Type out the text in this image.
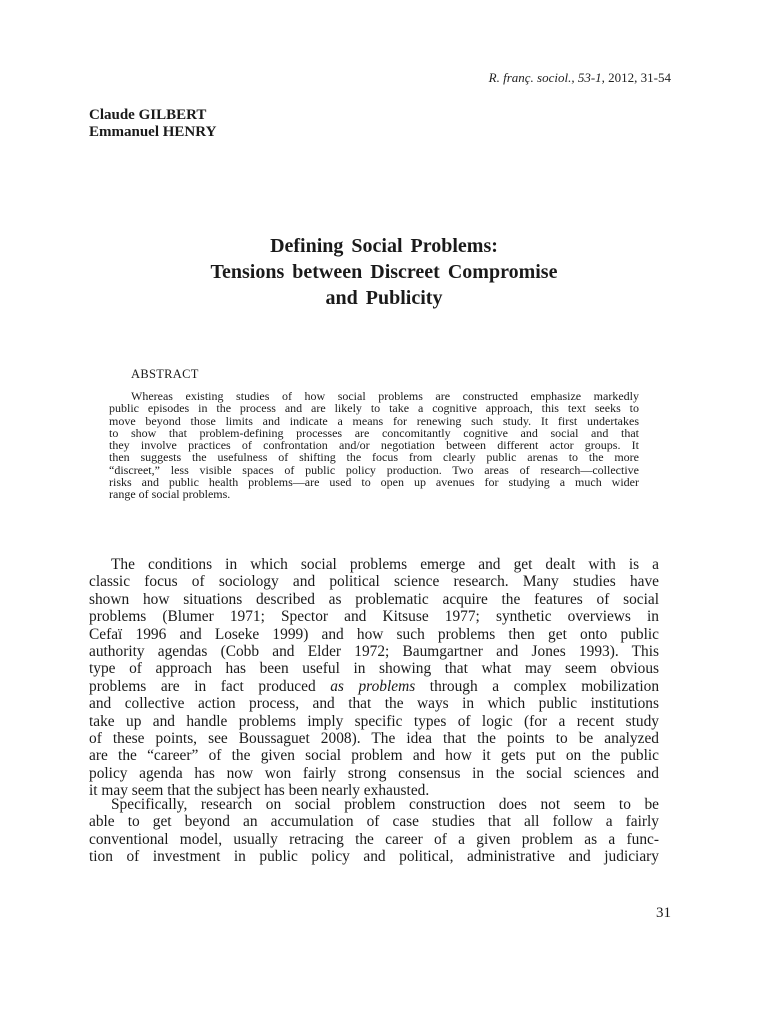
R. franç. sociol., 53-1, 2012, 31-54
Claude GILBERT
Emmanuel HENRY
Defining Social Problems:
Tensions between Discreet Compromise
and Publicity
ABSTRACT
Whereas existing studies of how social problems are constructed emphasize markedly
public episodes in the process and are likely to take a cognitive approach, this text seeks to
move beyond those limits and indicate a means for renewing such study. It first undertakes
to show that problem-defining processes are concomitantly cognitive and social and that
they involve practices of confrontation and/or negotiation between different actor groups. It
then suggests the usefulness of shifting the focus from clearly public arenas to the more
“discreet,” less visible spaces of public policy production. Two areas of research—collective
risks and public health problems—are used to open up avenues for studying a much wider
range of social problems.
The conditions in which social problems emerge and get dealt with is a
classic focus of sociology and political science research. Many studies have
shown how situations described as problematic acquire the features of social
problems (Blumer 1971; Spector and Kitsuse 1977; synthetic overviews in
Cefaï 1996 and Loseke 1999) and how such problems then get onto public
authority agendas (Cobb and Elder 1972; Baumgartner and Jones 1993). This
type of approach has been useful in showing that what may seem obvious
problems are in fact produced as problems through a complex mobilization
and collective action process, and that the ways in which public institutions
take up and handle problems imply specific types of logic (for a recent study
of these points, see Boussaguet 2008). The idea that the points to be analyzed
are the “career” of the given social problem and how it gets put on the public
policy agenda has now won fairly strong consensus in the social sciences and
it may seem that the subject has been nearly exhausted.
Specifically, research on social problem construction does not seem to be
able to get beyond an accumulation of case studies that all follow a fairly
conventional model, usually retracing the career of a given problem as a func-
tion of investment in public policy and political, administrative and judiciary
31
